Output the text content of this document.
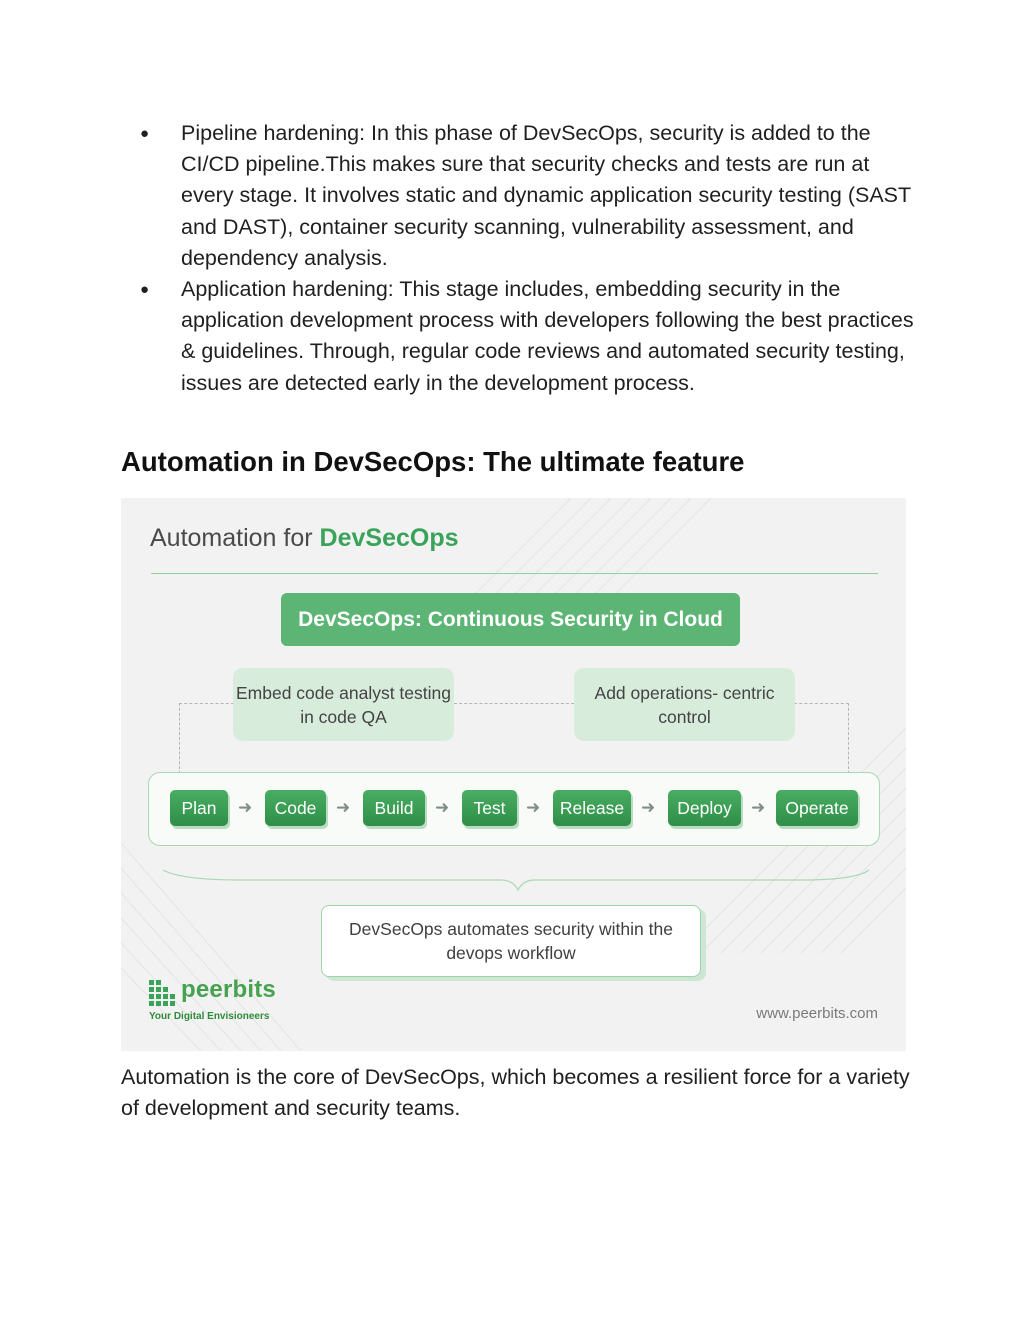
● Pipeline hardening: In this phase of DevSecOps, security is added to the CI/CD pipeline.This makes sure that security checks and tests are run at every stage. It involves static and dynamic application security testing (SAST and DAST), container security scanning, vulnerability assessment, and dependency analysis.
● Application hardening: This stage includes, embedding security in the application development process with developers following the best practices & guidelines. Through, regular code reviews and automated security testing, issues are detected early in the development process.
Automation in DevSecOps: The ultimate feature
Automation for DevSecOps
DevSecOps: Continuous Security in Cloud
Embed code analyst testing in code QA
Add operations- centric control
Plan	➜	Code	➜	Build	➜	Test	➜	Release ➜	Deploy	➜	Operate
DevSecOps automates security within the devops workflow
peerbits
Your Digital Envisioneers	www.peerbits.com

Automation is the core of DevSecOps, which becomes a resilient force for a variety of development and security teams.
